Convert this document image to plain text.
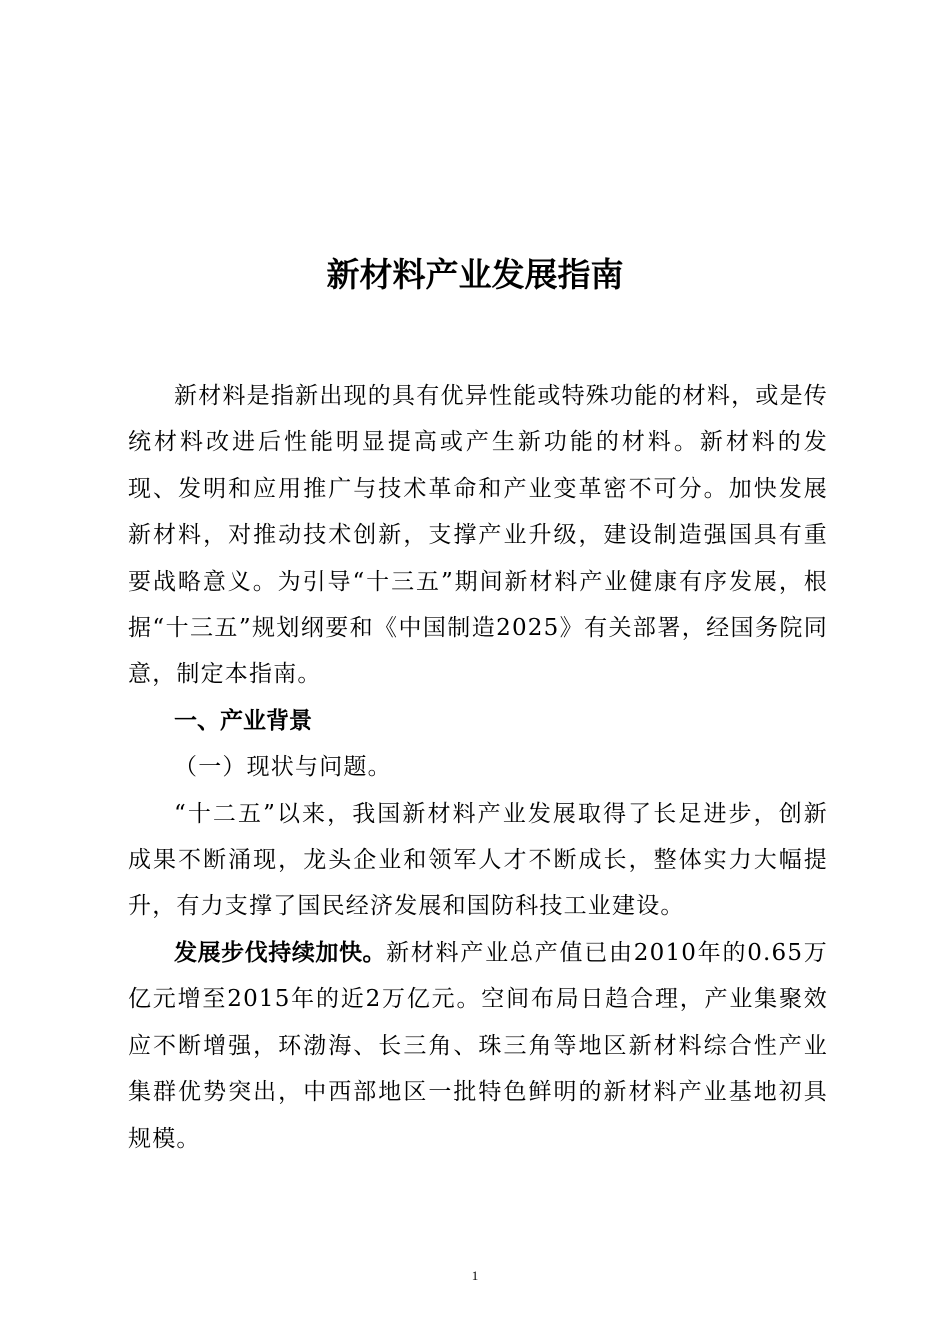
新材料产业发展指南

新材料是指新出现的具有优异性能或特殊功能的材料，或是传统材料改进后性能明显提高或产生新功能的材料。新材料的发现、发明和应用推广与技术革命和产业变革密不可分。加快发展新材料，对推动技术创新，支撑产业升级，建设制造强国具有重要战略意义。为引导“十三五”期间新材料产业健康有序发展，根据“十三五”规划纲要和《中国制造2025》有关部署，经国务院同意，制定本指南。

一、产业背景

（一）现状与问题。

“十二五”以来，我国新材料产业发展取得了长足进步，创新成果不断涌现，龙头企业和领军人才不断成长，整体实力大幅提升，有力支撑了国民经济发展和国防科技工业建设。

发展步伐持续加快。新材料产业总产值已由2010年的0.65万亿元增至2015年的近2万亿元。空间布局日趋合理，产业集聚效应不断增强，环渤海、长三角、珠三角等地区新材料综合性产业集群优势突出，中西部地区一批特色鲜明的新材料产业基地初具规模。

1
